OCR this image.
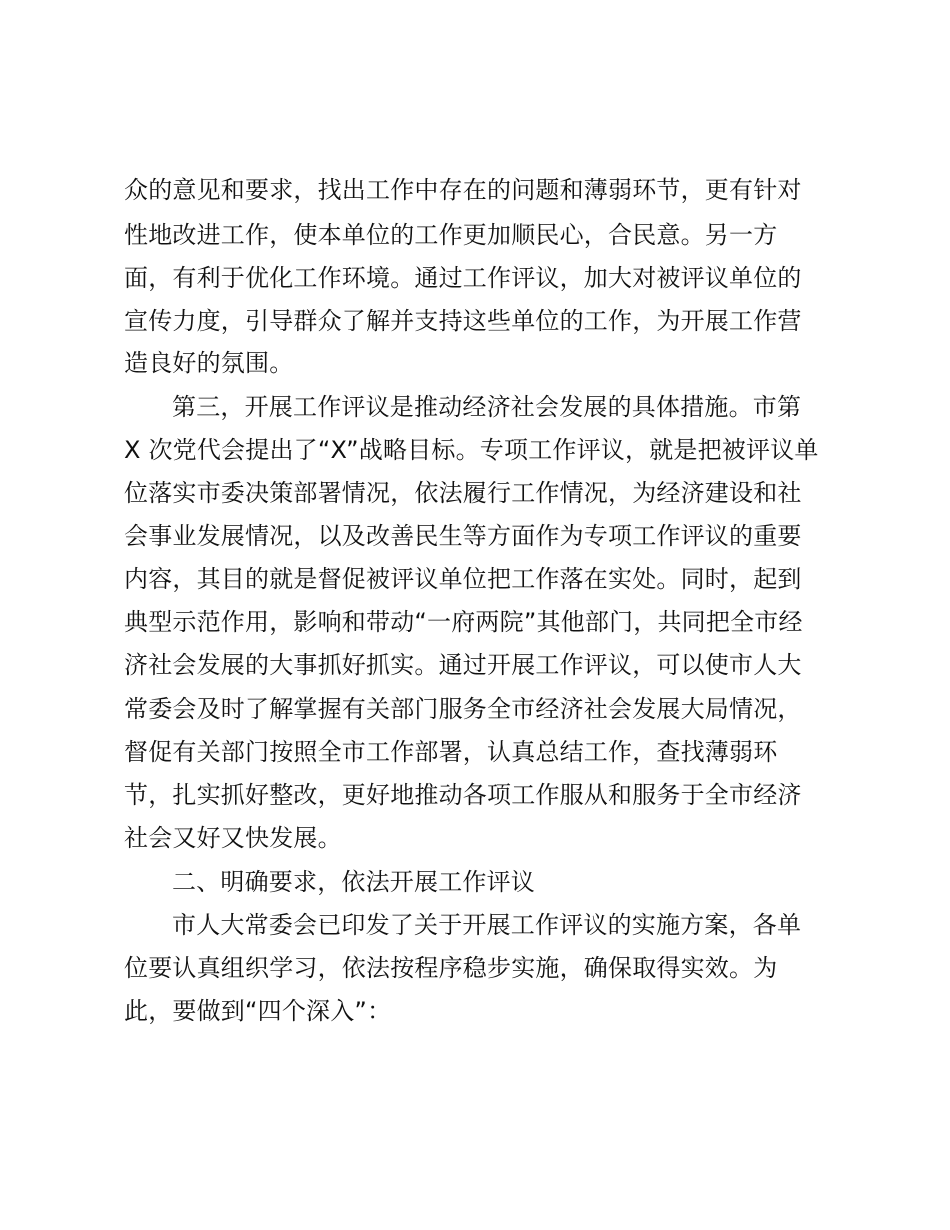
众的意见和要求，找出工作中存在的问题和薄弱环节，更有针对

性地改进工作，使本单位的工作更加顺民心，合民意。另一方

面，有利于优化工作环境。通过工作评议，加大对被评议单位的

宣传力度，引导群众了解并支持这些单位的工作，为开展工作营

造良好的氛围。

第三，开展工作评议是推动经济社会发展的具体措施。市第

X 次党代会提出了“X”战略目标。专项工作评议，就是把被评议单

位落实市委决策部署情况，依法履行工作情况，为经济建设和社

会事业发展情况，以及改善民生等方面作为专项工作评议的重要

内容，其目的就是督促被评议单位把工作落在实处。同时，起到

典型示范作用，影响和带动“一府两院”其他部门，共同把全市经

济社会发展的大事抓好抓实。通过开展工作评议，可以使市人大

常委会及时了解掌握有关部门服务全市经济社会发展大局情况，

督促有关部门按照全市工作部署，认真总结工作，查找薄弱环

节，扎实抓好整改，更好地推动各项工作服从和服务于全市经济

社会又好又快发展。

二、明确要求，依法开展工作评议

市人大常委会已印发了关于开展工作评议的实施方案，各单

位要认真组织学习，依法按程序稳步实施，确保取得实效。为

此，要做到“四个深入”：
